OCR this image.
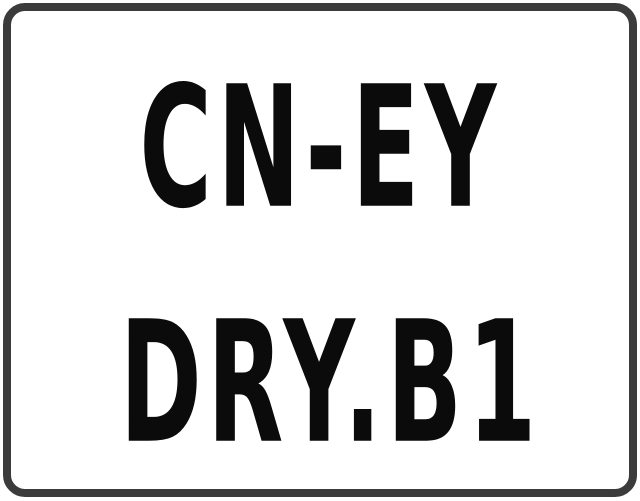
CN-EY
DRY.B1
